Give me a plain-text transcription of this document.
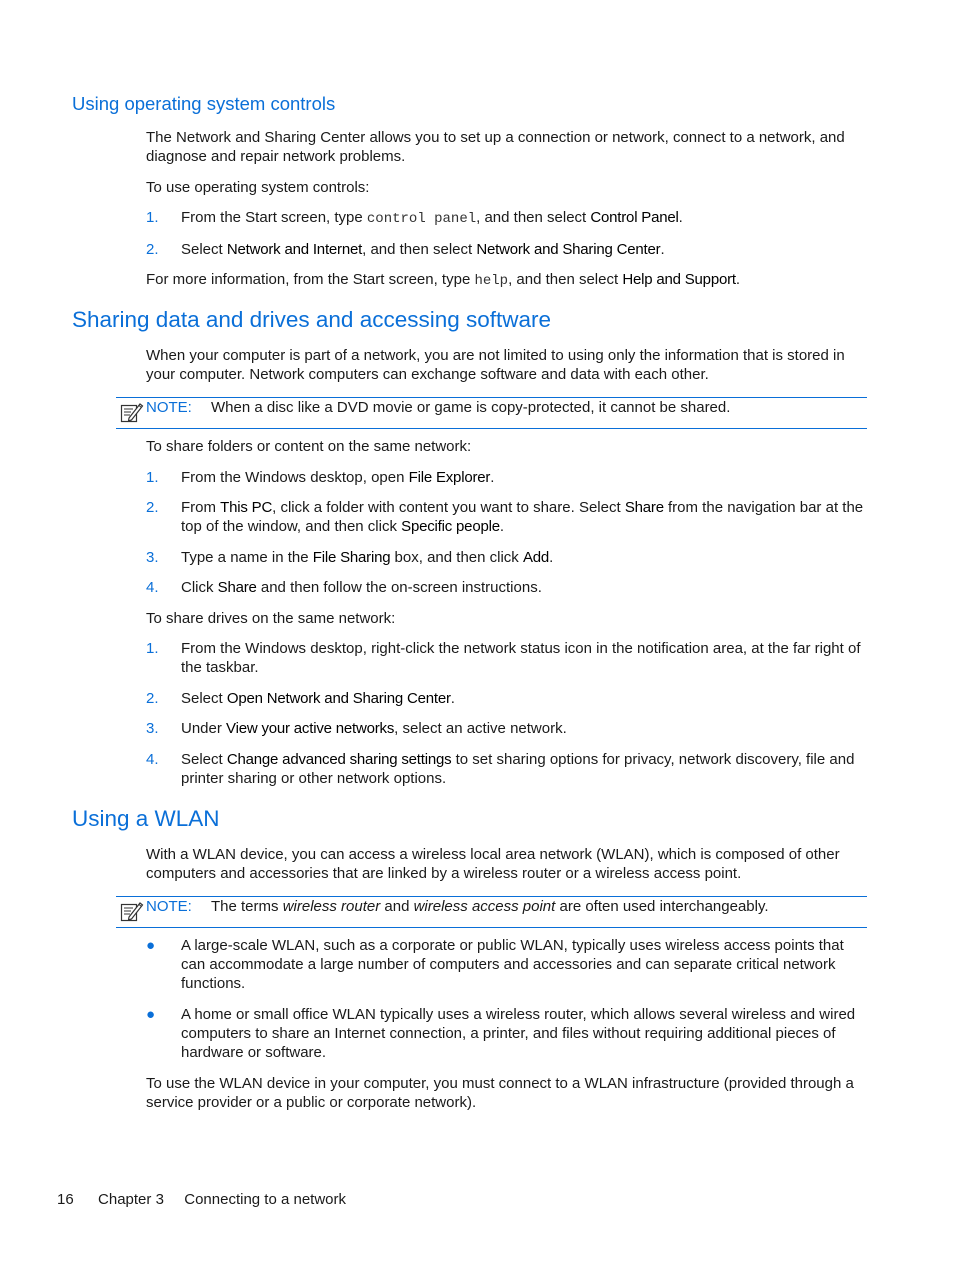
Using operating system controls
The Network and Sharing Center allows you to set up a connection or network, connect to a network, and diagnose and repair network problems.
To use operating system controls:
1. From the Start screen, type control panel, and then select Control Panel.
2. Select Network and Internet, and then select Network and Sharing Center.
For more information, from the Start screen, type help, and then select Help and Support.
Sharing data and drives and accessing software
When your computer is part of a network, you are not limited to using only the information that is stored in your computer. Network computers can exchange software and data with each other.
NOTE: When a disc like a DVD movie or game is copy-protected, it cannot be shared.
To share folders or content on the same network:
1. From the Windows desktop, open File Explorer.
2. From This PC, click a folder with content you want to share. Select Share from the navigation bar at the top of the window, and then click Specific people.
3. Type a name in the File Sharing box, and then click Add.
4. Click Share and then follow the on-screen instructions.
To share drives on the same network:
1. From the Windows desktop, right-click the network status icon in the notification area, at the far right of the taskbar.
2. Select Open Network and Sharing Center.
3. Under View your active networks, select an active network.
4. Select Change advanced sharing settings to set sharing options for privacy, network discovery, file and printer sharing or other network options.
Using a WLAN
With a WLAN device, you can access a wireless local area network (WLAN), which is composed of other computers and accessories that are linked by a wireless router or a wireless access point.
NOTE: The terms wireless router and wireless access point are often used interchangeably.
● A large-scale WLAN, such as a corporate or public WLAN, typically uses wireless access points that can accommodate a large number of computers and accessories and can separate critical network functions.
● A home or small office WLAN typically uses a wireless router, which allows several wireless and wired computers to share an Internet connection, a printer, and files without requiring additional pieces of hardware or software.
To use the WLAN device in your computer, you must connect to a WLAN infrastructure (provided through a service provider or a public or corporate network).
16 Chapter 3 Connecting to a network
